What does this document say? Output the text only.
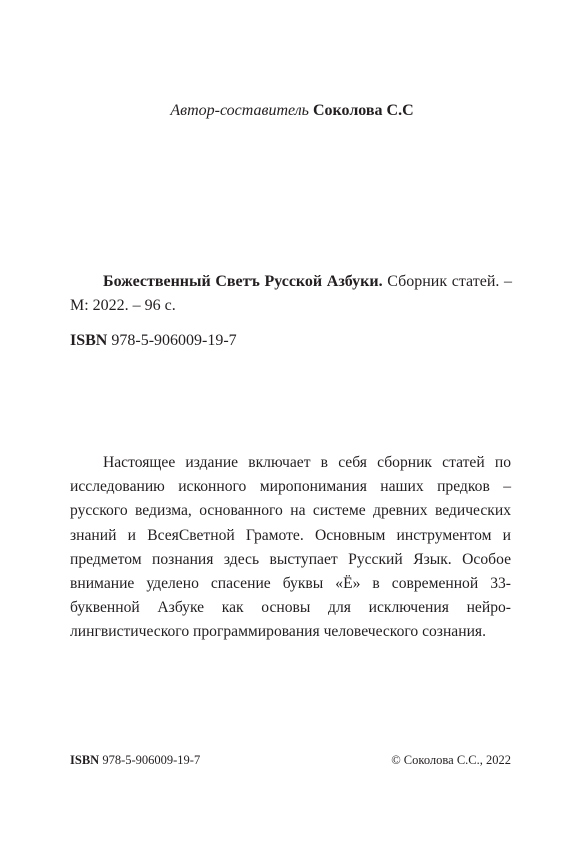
Автор-составитель Соколова С.С

Божественный Светъ Русской Азбуки. Сборник статей. – М: 2022. – 96 с.

ISBN 978-5-906009-19-7

Настоящее издание включает в себя сборник статей по исследованию исконного миропонимания наших предков – русского ведизма, основанного на системе древних ведических знаний и ВсеяСветной Грамоте. Основным инструментом и предметом познания здесь выступает Русский Язык. Особое внимание уделено спасение буквы «Ё» в современной 33-буквенной Азбуке как основы для исключения нейро-лингвистического программирования человеческого сознания.

ISBN 978-5-906009-19-7	© Соколова С.С., 2022
